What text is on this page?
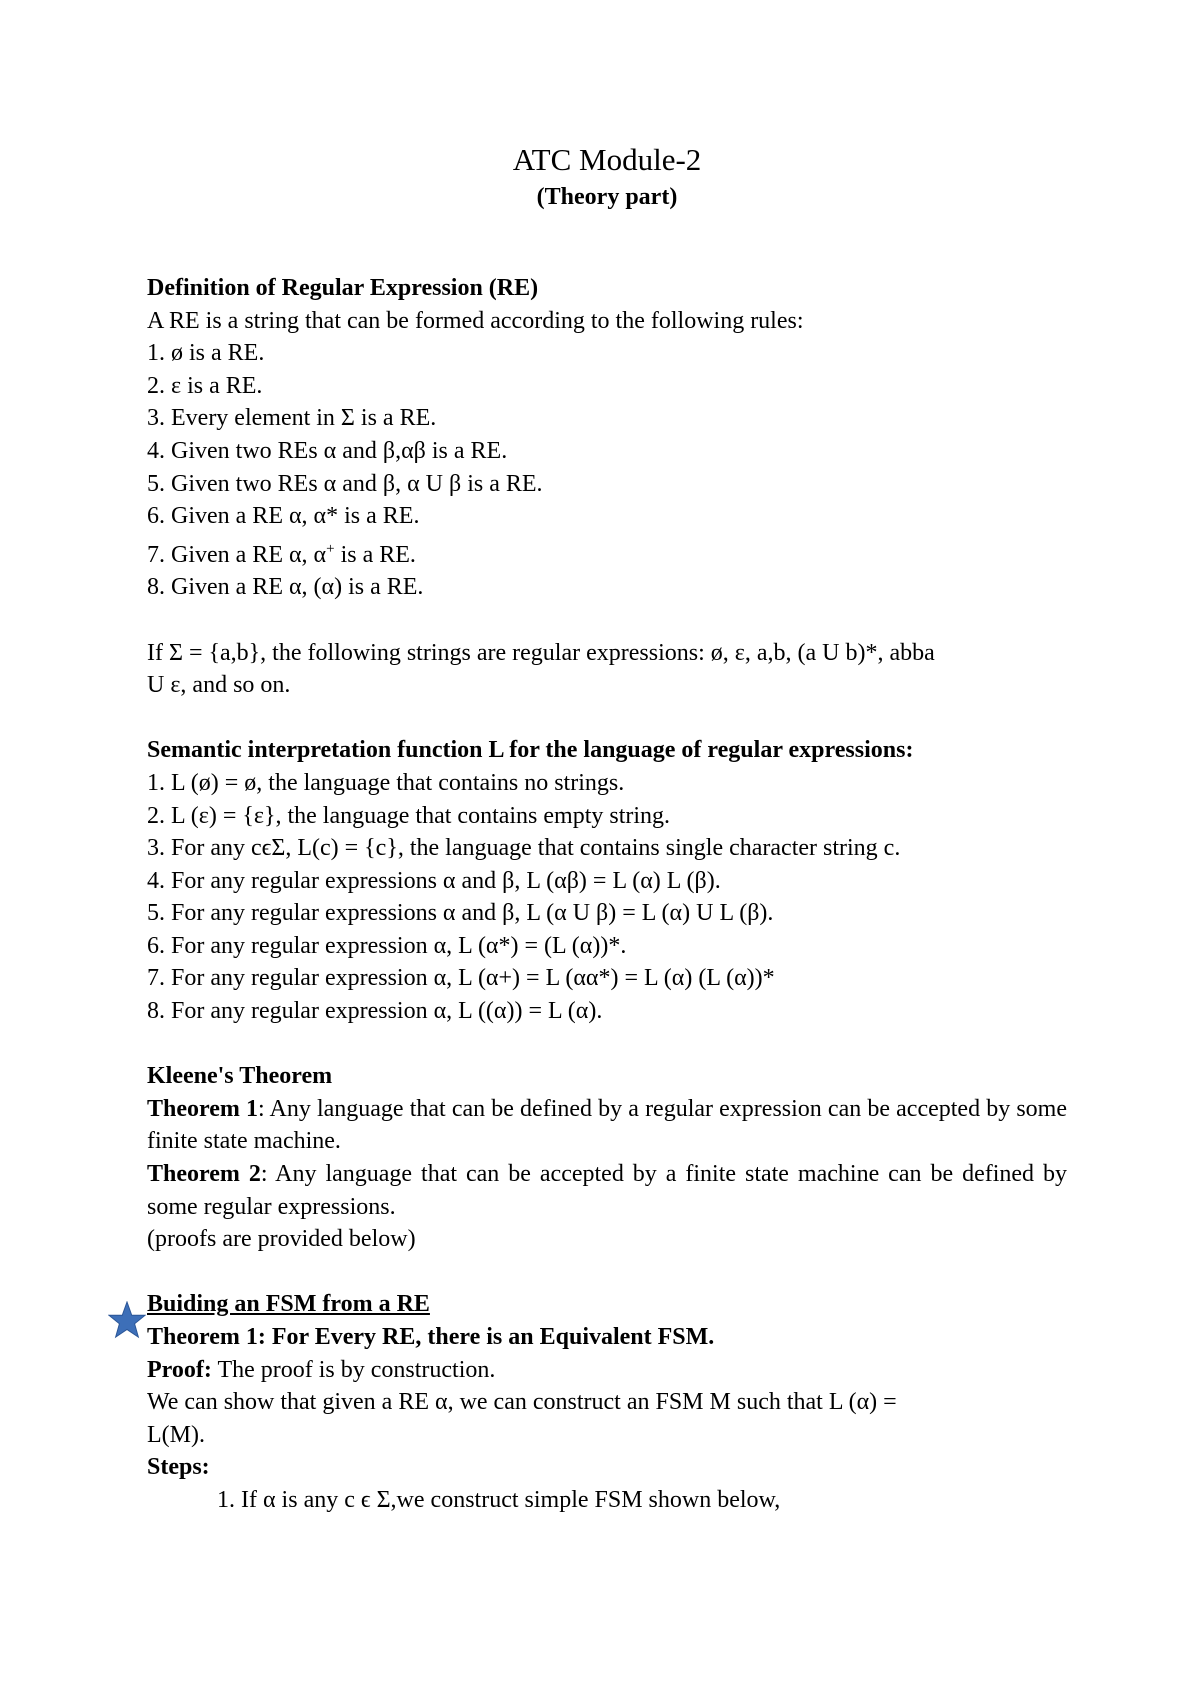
ATC Module-2

(Theory part)

Definition of Regular Expression (RE)
A RE is a string that can be formed according to the following rules:
1. ø is a RE.
2. ε is a RE.
3. Every element in Σ is a RE.
4. Given two REs α and β,αβ is a RE.
5. Given two REs α and β, α U β is a RE.
6. Given a RE α, α* is a RE.
7. Given a RE α, α+ is a RE.
8. Given a RE α, (α) is a RE.
If Σ = {a,b}, the following strings are regular expressions: ø, ε, a,b, (a U b)*, abba
U ε, and so on.
Semantic interpretation function L for the language of regular expressions:
1. L (ø) = ø, the language that contains no strings.
2. L (ε) = {ε}, the language that contains empty string.
3. For any cϵΣ, L(c) = {c}, the language that contains single character string c.
4. For any regular expressions α and β, L (αβ) = L (α) L (β).
5. For any regular expressions α and β, L (α U β) = L (α) U L (β).
6. For any regular expression α, L (α*) = (L (α))*.
7. For any regular expression α, L (α+) = L (αα*) = L (α) (L (α))*
8. For any regular expression α, L ((α)) = L (α).
Kleene's Theorem
Theorem 1: Any language that can be defined by a regular expression can be accepted by some finite state machine.
Theorem 2: Any language that can be accepted by a finite state machine can be defined by some regular expressions.
(proofs are provided below)
Buiding an FSM from a RE
Theorem 1: For Every RE, there is an Equivalent FSM.
Proof: The proof is by construction.
We can show that given a RE α, we can construct an FSM M such that L (α) =
L(M).
Steps:
1. If α is any c ϵ Σ,we construct simple FSM shown below,
